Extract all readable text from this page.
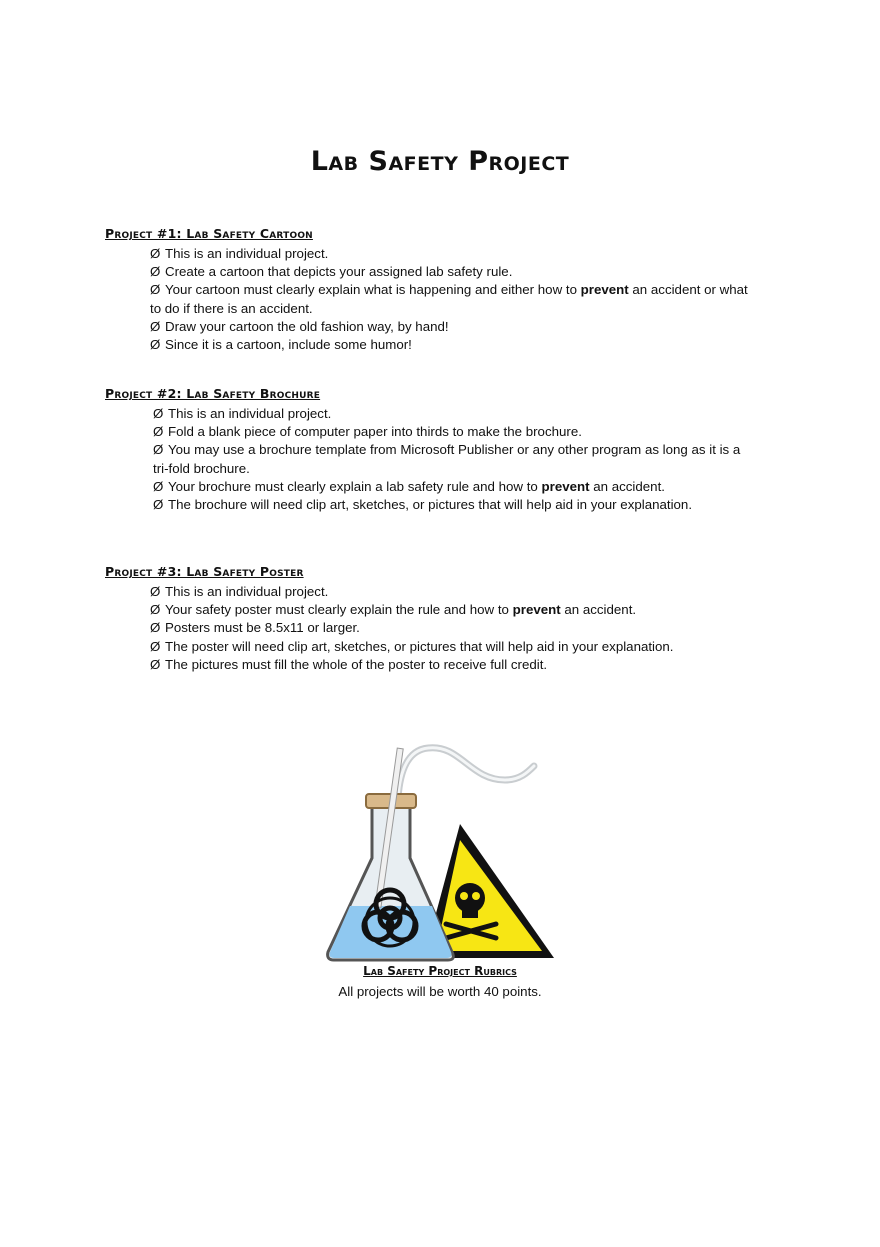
Lab Safety Project
Project #1: Lab Safety Cartoon
Ø This is an individual project.
Ø Create a cartoon that depicts your assigned lab safety rule.
Ø Your cartoon must clearly explain what is happening and either how to prevent an accident or what
to do if there is an accident.
Ø Draw your cartoon the old fashion way, by hand!
Ø Since it is a cartoon, include some humor!
Project #2: Lab Safety Brochure
Ø This is an individual project.
Ø Fold a blank piece of computer paper into thirds to make the brochure.
Ø You may use a brochure template from Microsoft Publisher or any other program as long as it is a
tri-fold brochure.
Ø Your brochure must clearly explain a lab safety rule and how to prevent an accident.
Ø The brochure will need clip art, sketches, or pictures that will help aid in your explanation.
Project #3: Lab Safety Poster
Ø This is an individual project.
Ø Your safety poster must clearly explain the rule and how to prevent an accident.
Ø Posters must be 8.5x11 or larger.
Ø The poster will need clip art, sketches, or pictures that will help aid in your explanation.
Ø The pictures must fill the whole of the poster to receive full credit.
Lab Safety Project Rubrics
All projects will be worth 40 points.
